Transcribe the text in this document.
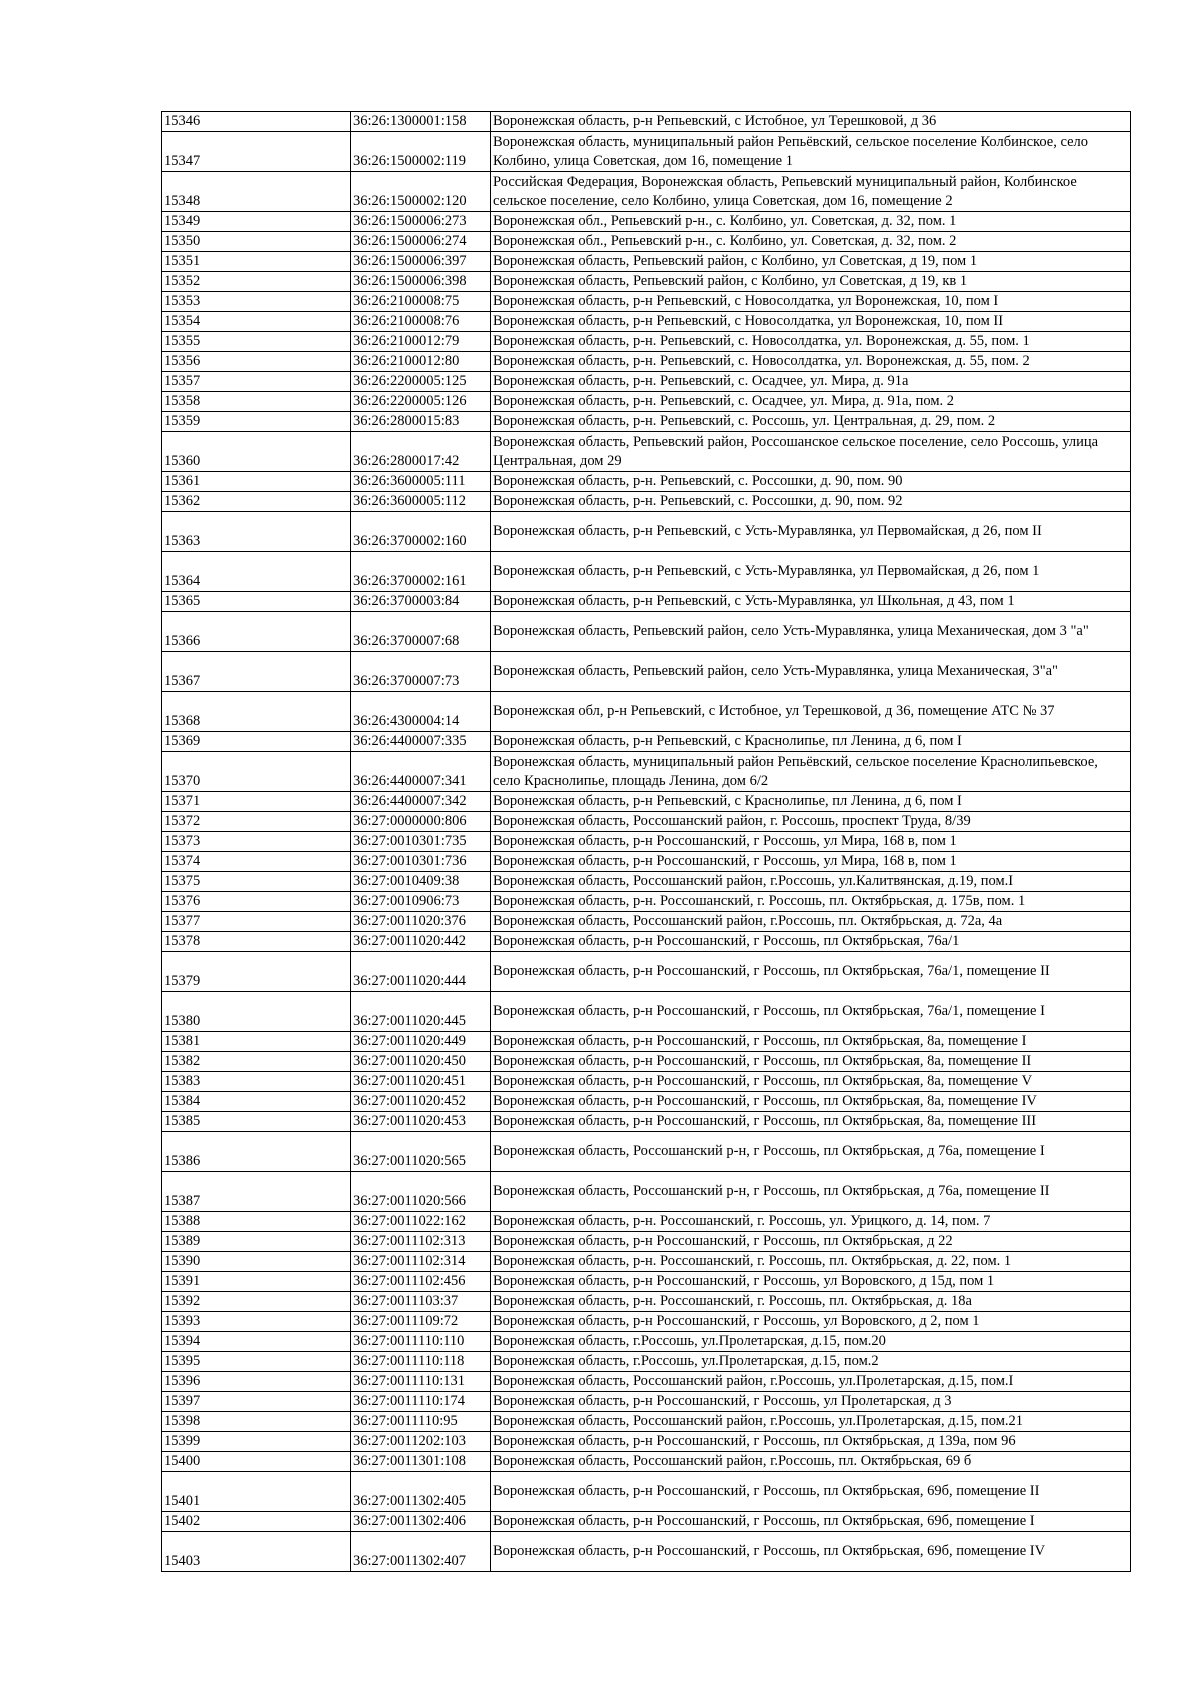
15346	36:26:1300001:158	Воронежская область, р-н Репьевский, с Истобное, ул Терешковой, д 36
15347	36:26:1500002:119	Воронежская область, муниципальный район Репьёвский, сельское поселение Колбинское, село Колбино, улица Советская, дом 16, помещение 1
15348	36:26:1500002:120	Российская Федерация, Воронежская область, Репьевский муниципальный район, Колбинское сельское поселение, село Колбино, улица Советская, дом 16, помещение 2
15349	36:26:1500006:273	Воронежская обл., Репьевский р-н., с. Колбино, ул. Советская, д. 32, пом. 1
15350	36:26:1500006:274	Воронежская обл., Репьевский р-н., с. Колбино, ул. Советская, д. 32, пом. 2
15351	36:26:1500006:397	Воронежская область, Репьевский район, с Колбино, ул Советская, д 19, пом 1
15352	36:26:1500006:398	Воронежская область, Репьевский район, с Колбино, ул Советская, д 19, кв 1
15353	36:26:2100008:75	Воронежская область, р-н Репьевский, с Новосолдатка, ул Воронежская, 10, пом I
15354	36:26:2100008:76	Воронежская область, р-н Репьевский, с Новосолдатка, ул Воронежская, 10, пом II
15355	36:26:2100012:79	Воронежская область, р-н. Репьевский, с. Новосолдатка, ул. Воронежская, д. 55, пом. 1
15356	36:26:2100012:80	Воронежская область, р-н. Репьевский, с. Новосолдатка, ул. Воронежская, д. 55, пом. 2
15357	36:26:2200005:125	Воронежская область, р-н. Репьевский, с. Осадчее, ул. Мира, д. 91а
15358	36:26:2200005:126	Воронежская область, р-н. Репьевский, с. Осадчее, ул. Мира, д. 91а, пом. 2
15359	36:26:2800015:83	Воронежская область, р-н. Репьевский, с. Россошь, ул. Центральная, д. 29, пом. 2
15360	36:26:2800017:42	Воронежская область, Репьевский район, Россошанское сельское поселение, село Россошь, улица Центральная, дом 29
15361	36:26:3600005:111	Воронежская область, р-н. Репьевский, с. Россошки, д. 90, пом. 90
15362	36:26:3600005:112	Воронежская область, р-н. Репьевский, с. Россошки, д. 90, пом. 92
15363	36:26:3700002:160	Воронежская область, р-н Репьевский, с Усть-Муравлянка, ул Первомайская, д 26, пом II
15364	36:26:3700002:161	Воронежская область, р-н Репьевский, с Усть-Муравлянка, ул Первомайская, д 26, пом 1
15365	36:26:3700003:84	Воронежская область, р-н Репьевский, с Усть-Муравлянка, ул Школьная, д 43, пом 1
15366	36:26:3700007:68	Воронежская область, Репьевский район, село Усть-Муравлянка, улица Механическая, дом 3 "а"
15367	36:26:3700007:73	Воронежская область, Репьевский район, село Усть-Муравлянка, улица Механическая, 3"а"
15368	36:26:4300004:14	Воронежская обл, р-н Репьевский, с Истобное, ул Терешковой, д 36, помещение АТС № 37
15369	36:26:4400007:335	Воронежская область, р-н Репьевский, с Краснолипье, пл Ленина, д 6, пом I
15370	36:26:4400007:341	Воронежская область, муниципальный район Репьёвский, сельское поселение Краснолипьевское, село Краснолипье, площадь Ленина, дом 6/2
15371	36:26:4400007:342	Воронежская область, р-н Репьевский, с Краснолипье, пл Ленина, д 6, пом I
15372	36:27:0000000:806	Воронежская область, Россошанский район, г. Россошь, проспект Труда, 8/39
15373	36:27:0010301:735	Воронежская область, р-н Россошанский, г Россошь, ул Мира, 168 в, пом 1
15374	36:27:0010301:736	Воронежская область, р-н Россошанский, г Россошь, ул Мира, 168 в, пом 1
15375	36:27:0010409:38	Воронежская область, Россошанский район, г.Россошь, ул.Калитвянская, д.19, пом.I
15376	36:27:0010906:73	Воронежская область, р-н. Россошанский, г. Россошь, пл. Октябрьская, д. 175в, пом. 1
15377	36:27:0011020:376	Воронежская область, Россошанский район, г.Россошь, пл. Октябрьская, д. 72а, 4а
15378	36:27:0011020:442	Воронежская область, р-н Россошанский, г Россошь, пл Октябрьская, 76а/1
15379	36:27:0011020:444	Воронежская область, р-н Россошанский, г Россошь, пл Октябрьская, 76а/1, помещение II
15380	36:27:0011020:445	Воронежская область, р-н Россошанский, г Россошь, пл Октябрьская, 76а/1, помещение I
15381	36:27:0011020:449	Воронежская область, р-н Россошанский, г Россошь, пл Октябрьская, 8а, помещение I
15382	36:27:0011020:450	Воронежская область, р-н Россошанский, г Россошь, пл Октябрьская, 8а, помещение II
15383	36:27:0011020:451	Воронежская область, р-н Россошанский, г Россошь, пл Октябрьская, 8а, помещение V
15384	36:27:0011020:452	Воронежская область, р-н Россошанский, г Россошь, пл Октябрьская, 8а, помещение IV
15385	36:27:0011020:453	Воронежская область, р-н Россошанский, г Россошь, пл Октябрьская, 8а, помещение III
15386	36:27:0011020:565	Воронежская область, Россошанский р-н, г Россошь, пл Октябрьская, д 76а, помещение I
15387	36:27:0011020:566	Воронежская область, Россошанский р-н, г Россошь, пл Октябрьская, д 76а, помещение II
15388	36:27:0011022:162	Воронежская область, р-н. Россошанский, г. Россошь, ул. Урицкого, д. 14, пом. 7
15389	36:27:0011102:313	Воронежская область, р-н Россошанский, г Россошь, пл Октябрьская, д 22
15390	36:27:0011102:314	Воронежская область, р-н. Россошанский, г. Россошь, пл. Октябрьская, д. 22, пом. 1
15391	36:27:0011102:456	Воронежская область, р-н Россошанский, г Россошь, ул Воровского, д 15д, пом 1
15392	36:27:0011103:37	Воронежская область, р-н. Россошанский, г. Россошь, пл. Октябрьская, д. 18а
15393	36:27:0011109:72	Воронежская область, р-н Россошанский, г Россошь, ул Воровского, д 2, пом 1
15394	36:27:0011110:110	Воронежская область, г.Россошь, ул.Пролетарская, д.15, пом.20
15395	36:27:0011110:118	Воронежская область, г.Россошь, ул.Пролетарская, д.15, пом.2
15396	36:27:0011110:131	Воронежская область, Россошанский район, г.Россошь, ул.Пролетарская, д.15, пом.I
15397	36:27:0011110:174	Воронежская область, р-н Россошанский, г Россошь, ул Пролетарская, д 3
15398	36:27:0011110:95	Воронежская область, Россошанский район, г.Россошь, ул.Пролетарская, д.15, пом.21
15399	36:27:0011202:103	Воронежская область, р-н Россошанский, г Россошь, пл Октябрьская, д 139а, пом 96
15400	36:27:0011301:108	Воронежская область, Россошанский район, г.Россошь, пл. Октябрьская, 69 б
15401	36:27:0011302:405	Воронежская область, р-н Россошанский, г Россошь, пл Октябрьская, 69б, помещение II
15402	36:27:0011302:406	Воронежская область, р-н Россошанский, г Россошь, пл Октябрьская, 69б, помещение I
15403	36:27:0011302:407	Воронежская область, р-н Россошанский, г Россошь, пл Октябрьская, 69б, помещение IV
